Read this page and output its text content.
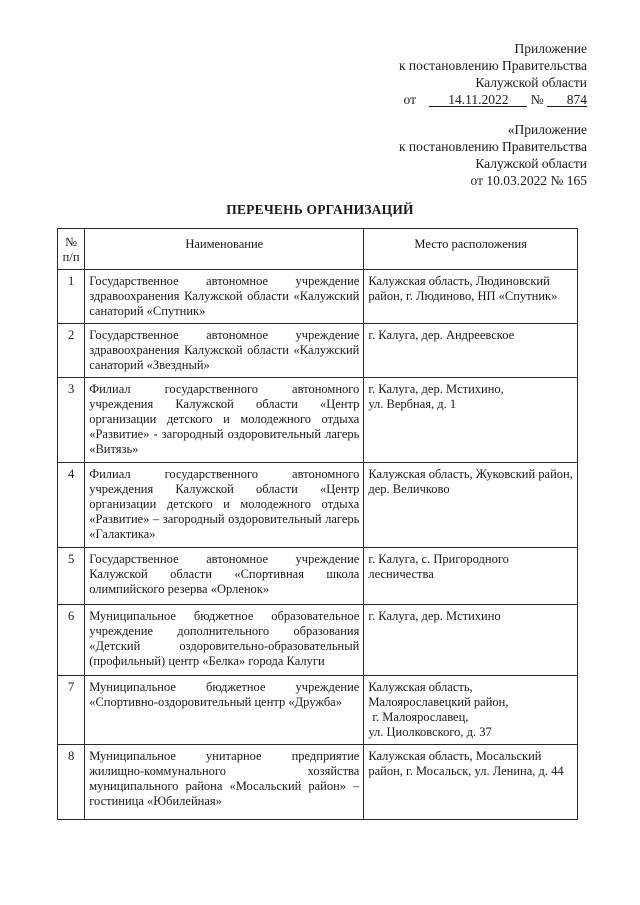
Приложение
к постановлению Правительства
Калужской области
от 14.11.2022 № 874
«Приложение
к постановлению Правительства
Калужской области
от 10.03.2022 № 165
ПЕРЕЧЕНЬ ОРГАНИЗАЦИЙ
№ п/п	Наименование	Место расположения
1	Государственное автономное учреждение здравоохранения Калужской области «Калужский санаторий «Спутник»	Калужская область, Людиновский район, г. Людиново, НП «Спутник»

2	Государственное автономное учреждение здравоохранения Калужской области «Калужский санаторий «Звездный»	г. Калуга, дер. Андреевское

3	Филиал государственного автономного учреждения Калужской области «Центр организации детского и молодежного отдыха «Развитие» - загородный оздоровительный лагерь «Витязь»	г. Калуга, дер. Мстихино,
ул. Вербная, д. 1

4	Филиал государственного автономного учреждения Калужской области «Центр организации детского и молодежного отдыха «Развитие» – загородный оздоровительный лагерь «Галактика»	Калужская область, Жуковский район, дер. Величково

5	Государственное автономное учреждение Калужской области «Спортивная школа олимпийского резерва «Орленок»	г. Калуга, с. Пригородного лесничества

6	Муниципальное бюджетное образовательное учреждение дополнительного образования «Детский оздоровительно-образовательный (профильный) центр «Белка» города Калуги	г. Калуга, дер. Мстихино

7	Муниципальное бюджетное учреждение «Спортивно-оздоровительный центр «Дружба»	Калужская область,
Малоярославецкий район,
г. Малоярославец,
ул. Циолковского, д. 37

8	Муниципальное унитарное предприятие жилищно-коммунального хозяйства муниципального района «Мосальский район» – гостиница «Юбилейная»	Калужская область, Мосальский район, г. Мосальск, ул. Ленина, д. 44
